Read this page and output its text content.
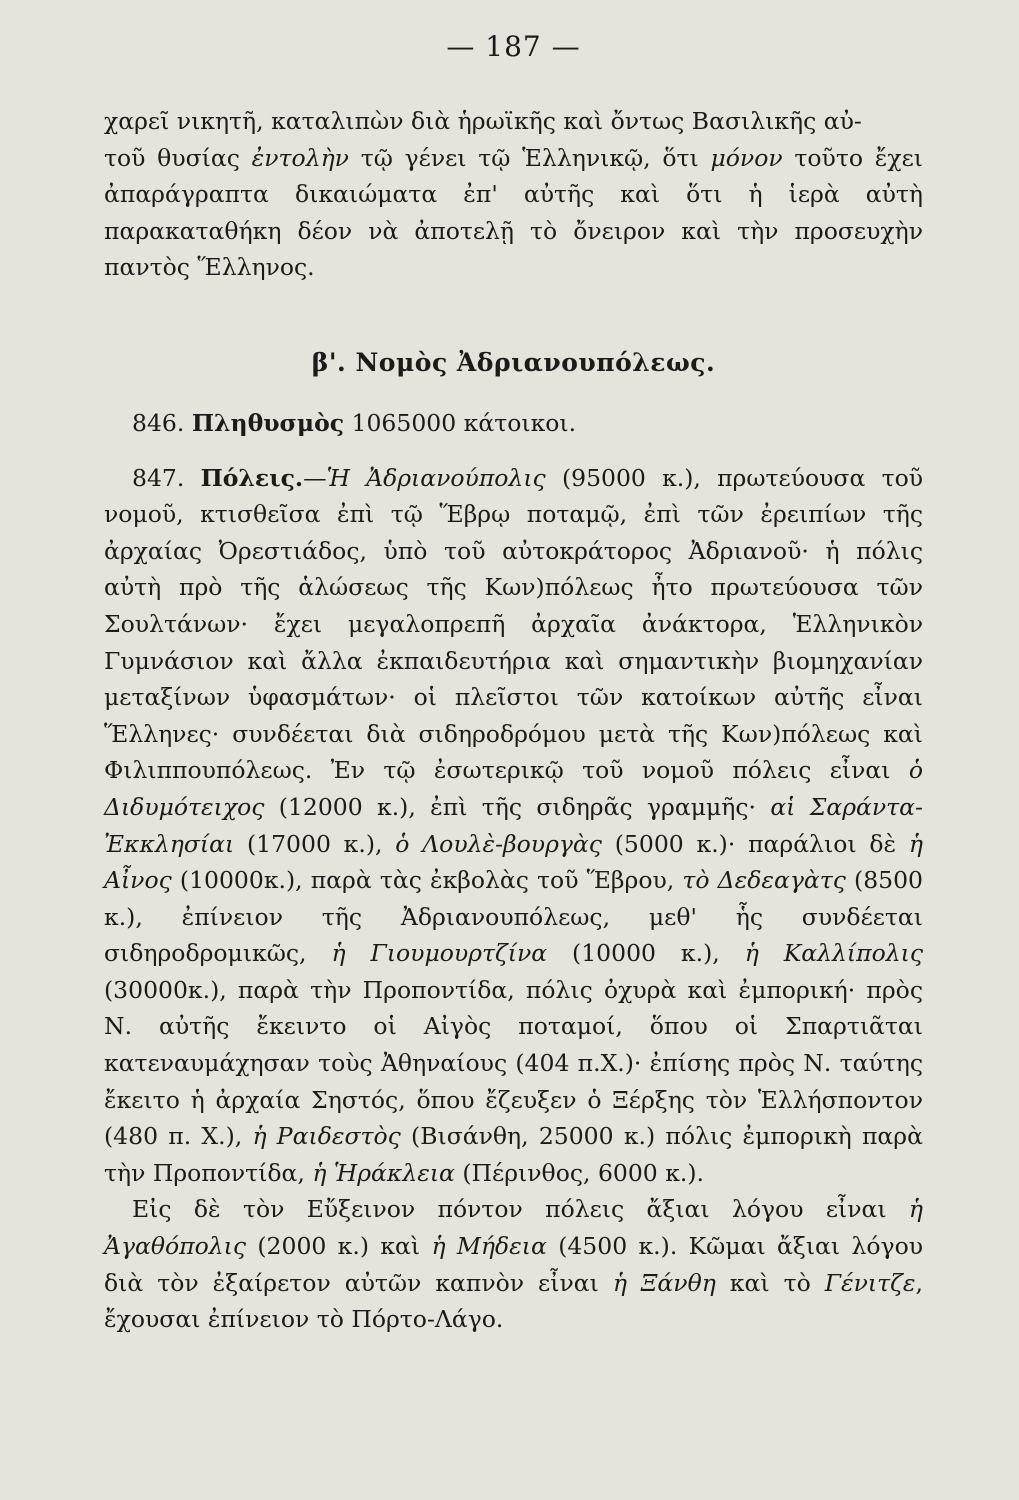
— 187 —

χαρεῖ νικητῆ, καταλιπὼν διὰ ἡρωϊκῆς καὶ ὄντως Βασιλικῆς αὐ-
τοῦ θυσίας ἐντολὴν τῷ γένει τῷ Ἑλληνικῷ, ὅτι μόνον τοῦτο ἔχει ἀπαράγραπτα δικαιώματα ἐπ' αὐτῆς καὶ ὅτι ἡ ἱερὰ αὐτὴ παρακαταθήκη δέον νὰ ἀποτελῇ τὸ ὄνειρον καὶ τὴν προσευχὴν παντὸς Ἕλληνος.

β'. Νομὸς Ἀδριανουπόλεως.

846. Πληθυσμὸς 1065000 κάτοικοι.

847. Πόλεις.—Ἡ Ἀδριανούπολις (95000 κ.), πρωτεύουσα τοῦ νομοῦ, κτισθεῖσα ἐπὶ τῷ Ἕβρῳ ποταμῷ, ἐπὶ τῶν ἐρειπίων τῆς ἀρχαίας Ὀρεστιάδος, ὑπὸ τοῦ αὐτοκράτορος Ἀδριανοῦ· ἡ πόλις αὐτὴ πρὸ τῆς ἁλώσεως τῆς Κων)πόλεως ἦτο πρωτεύουσα τῶν Σουλτάνων· ἔχει μεγαλοπρεπῆ ἀρχαῖα ἀνάκτορα, Ἑλληνικὸν Γυμνάσιον καὶ ἄλλα ἐκπαιδευτήρια καὶ σημαντικὴν βιομηχανίαν μεταξίνων ὑφασμάτων· οἱ πλεῖστοι τῶν κατοίκων αὐτῆς εἶναι Ἕλληνες· συνδέεται διὰ σιδηροδρόμου μετὰ τῆς Κων)πόλεως καὶ Φιλιππουπόλεως. Ἐν τῷ ἐσωτερικῷ τοῦ νομοῦ πόλεις εἶναι ὁ Διδυμότειχος (12000 κ.), ἐπὶ τῆς σιδηρᾶς γραμμῆς· αἱ Σαράντα-Ἐκκλησίαι (17000 κ.), ὁ Λουλὲ-βουργὰς (5000 κ.)· παράλιοι δὲ ἡ Αἶνος (10000κ.), παρὰ τὰς ἐκβολὰς τοῦ Ἕβρου, τὸ Δεδεαγὰτς (8500 κ.), ἐπίνειον τῆς Ἀδριανουπόλεως, μεθ' ἧς συνδέεται σιδηροδρομικῶς, ἡ Γιουμουρτζίνα (10000 κ.), ἡ Καλλίπολις (30000κ.), παρὰ τὴν Προποντίδα, πόλις ὀχυρὰ καὶ ἐμπορική· πρὸς Ν. αὐτῆς ἔκειντο οἱ Αἰγὸς ποταμοί, ὅπου οἱ Σπαρτιᾶται κατεναυμάχησαν τοὺς Ἀθηναίους (404 π.Χ.)· ἐπίσης πρὸς Ν. ταύτης ἔκειτο ἡ ἀρχαία Σηστός, ὅπου ἔζευξεν ὁ Ξέρξης τὸν Ἑλλήσποντον (480 π. Χ.), ἡ Ραιδεστὸς (Βισάνθη, 25000 κ.) πόλις ἐμπορικὴ παρὰ τὴν Προποντίδα, ἡ Ἡράκλεια (Πέρινθος, 6000 κ.).

Εἰς δὲ τὸν Εὔξεινον πόντον πόλεις ἄξιαι λόγου εἶναι ἡ Ἀγαθόπολις (2000 κ.) καὶ ἡ Μήδεια (4500 κ.). Κῶμαι ἄξιαι λόγου διὰ τὸν ἐξαίρετον αὐτῶν καπνὸν εἶναι ἡ Ξάνθη καὶ τὸ Γένιτζε, ἔχουσαι ἐπίνειον τὸ Πόρτο-Λάγο.
